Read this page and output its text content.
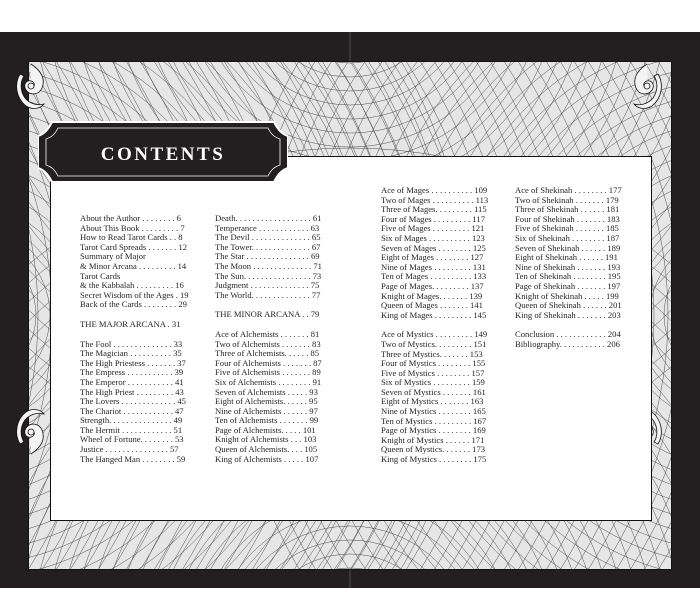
CONTENTS
About the Author . . . . . . . . 6
About This Book . . . . . . . . . 7
How to Read Tarot Cards . . 8
Tarot Card Spreads . . . . . . . 12
Summary of Major
& Minor Arcana . . . . . . . . . 14
Tarot Cards
& the Kabbalah . . . . . . . . . 16
Secret Wisdom of the Ages . 19
Back of the Cards . . . . . . . . 29
THE MAJOR ARCANA . 31
The Fool . . . . . . . . . . . . . . 33
The Magician . . . . . . . . . . 35
The High Priestess . . . . . . . 37
The Empress . . . . . . . . . . . 39
The Emperor . . . . . . . . . . . 41
The High Priest . . . . . . . . . 43
The Lovers . . . . . . . . . . . . . 45
The Chariot . . . . . . . . . . . . 47
Strength. . . . . . . . . . . . . . . 49
The Hermit . . . . . . . . . . . . 51
Wheel of Fortune. . . . . . . . 53
Justice . . . . . . . . . . . . . . . 57
The Hanged Man . . . . . . . . 59
Death. . . . . . . . . . . . . . . . . . 61
Temperance . . . . . . . . . . . . 63
The Devil . . . . . . . . . . . . . . 65
The Tower. . . . . . . . . . . . . . 67
The Star . . . . . . . . . . . . . . . 69
The Moon . . . . . . . . . . . . . . 71
The Sun. . . . . . . . . . . . . . . . 73
Judgment . . . . . . . . . . . . . . 75
The World. . . . . . . . . . . . . . 77
THE MINOR ARCANA . . 79
Ace of Alchemists . . . . . . . 81
Two of Alchemists . . . . . . . 83
Three of Alchemists. . . . . . 85
Four of Alchemists . . . . . . . 87
Five of Alchemists . . . . . . . 89
Six of Alchemists . . . . . . . . 91
Seven of Alchemists . . . . . 93
Eight of Alchemists. . . . . . 95
Nine of Alchemists . . . . . . 97
Ten of Alchemists . . . . . . . 99
Page of Alchemists. . . . . 101
Knight of Alchemists . . . 103
Queen of Alchemists. . . . 105
King of Alchemists . . . . . 107
Ace of Mages . . . . . . . . . . 109
Two of Mages . . . . . . . . . . 113
Three of Mages. . . . . . . . . 115
Four of Mages . . . . . . . . . 117
Five of Mages . . . . . . . . . 121
Six of Mages . . . . . . . . . . 123
Seven of Mages . . . . . . . . 125
Eight of Mages . . . . . . . . 127
Nine of Mages . . . . . . . . . 131
Ten of Mages . . . . . . . . . . 133
Page of Mages. . . . . . . . . 137
Knight of Mages. . . . . . . 139
Queen of Mages . . . . . . . 141
King of Mages . . . . . . . . . 145
Ace of Mystics . . . . . . . . . 149
Two of Mystics. . . . . . . . . 151
Three of Mystics. . . . . . . 153
Four of Mystics . . . . . . . . 155
Five of Mystics . . . . . . . . 157
Six of Mystics . . . . . . . . . 159
Seven of Mystics . . . . . . . 161
Eight of Mystics . . . . . . . 163
Nine of Mystics . . . . . . . . 165
Ten of Mystics . . . . . . . . . 167
Page of Mystics . . . . . . . . 169
Knight of Mystics . . . . . . 171
Queen of Mystics. . . . . . . 173
King of Mystics . . . . . . . . 175
Ace of Shekinah . . . . . . . . 177
Two of Shekinah . . . . . . . 179
Three of Shekinah . . . . . . 181
Four of Shekinah . . . . . . . 183
Five of Shekinah . . . . . . . 185
Six of Shekinah . . . . . . . . 187
Seven of Shekinah . . . . . . 189
Eight of Shekinah . . . . . . 191
Nine of Shekinah . . . . . . . 193
Ten of Shekinah . . . . . . . . 195
Page of Shekinah . . . . . . . 197
Knight of Shekinah . . . . . 199
Queen of Shekinah . . . . . . 201
King of Shekinah . . . . . . . 203
Conclusion . . . . . . . . . . . . 204
Bibliography. . . . . . . . . . . 206
